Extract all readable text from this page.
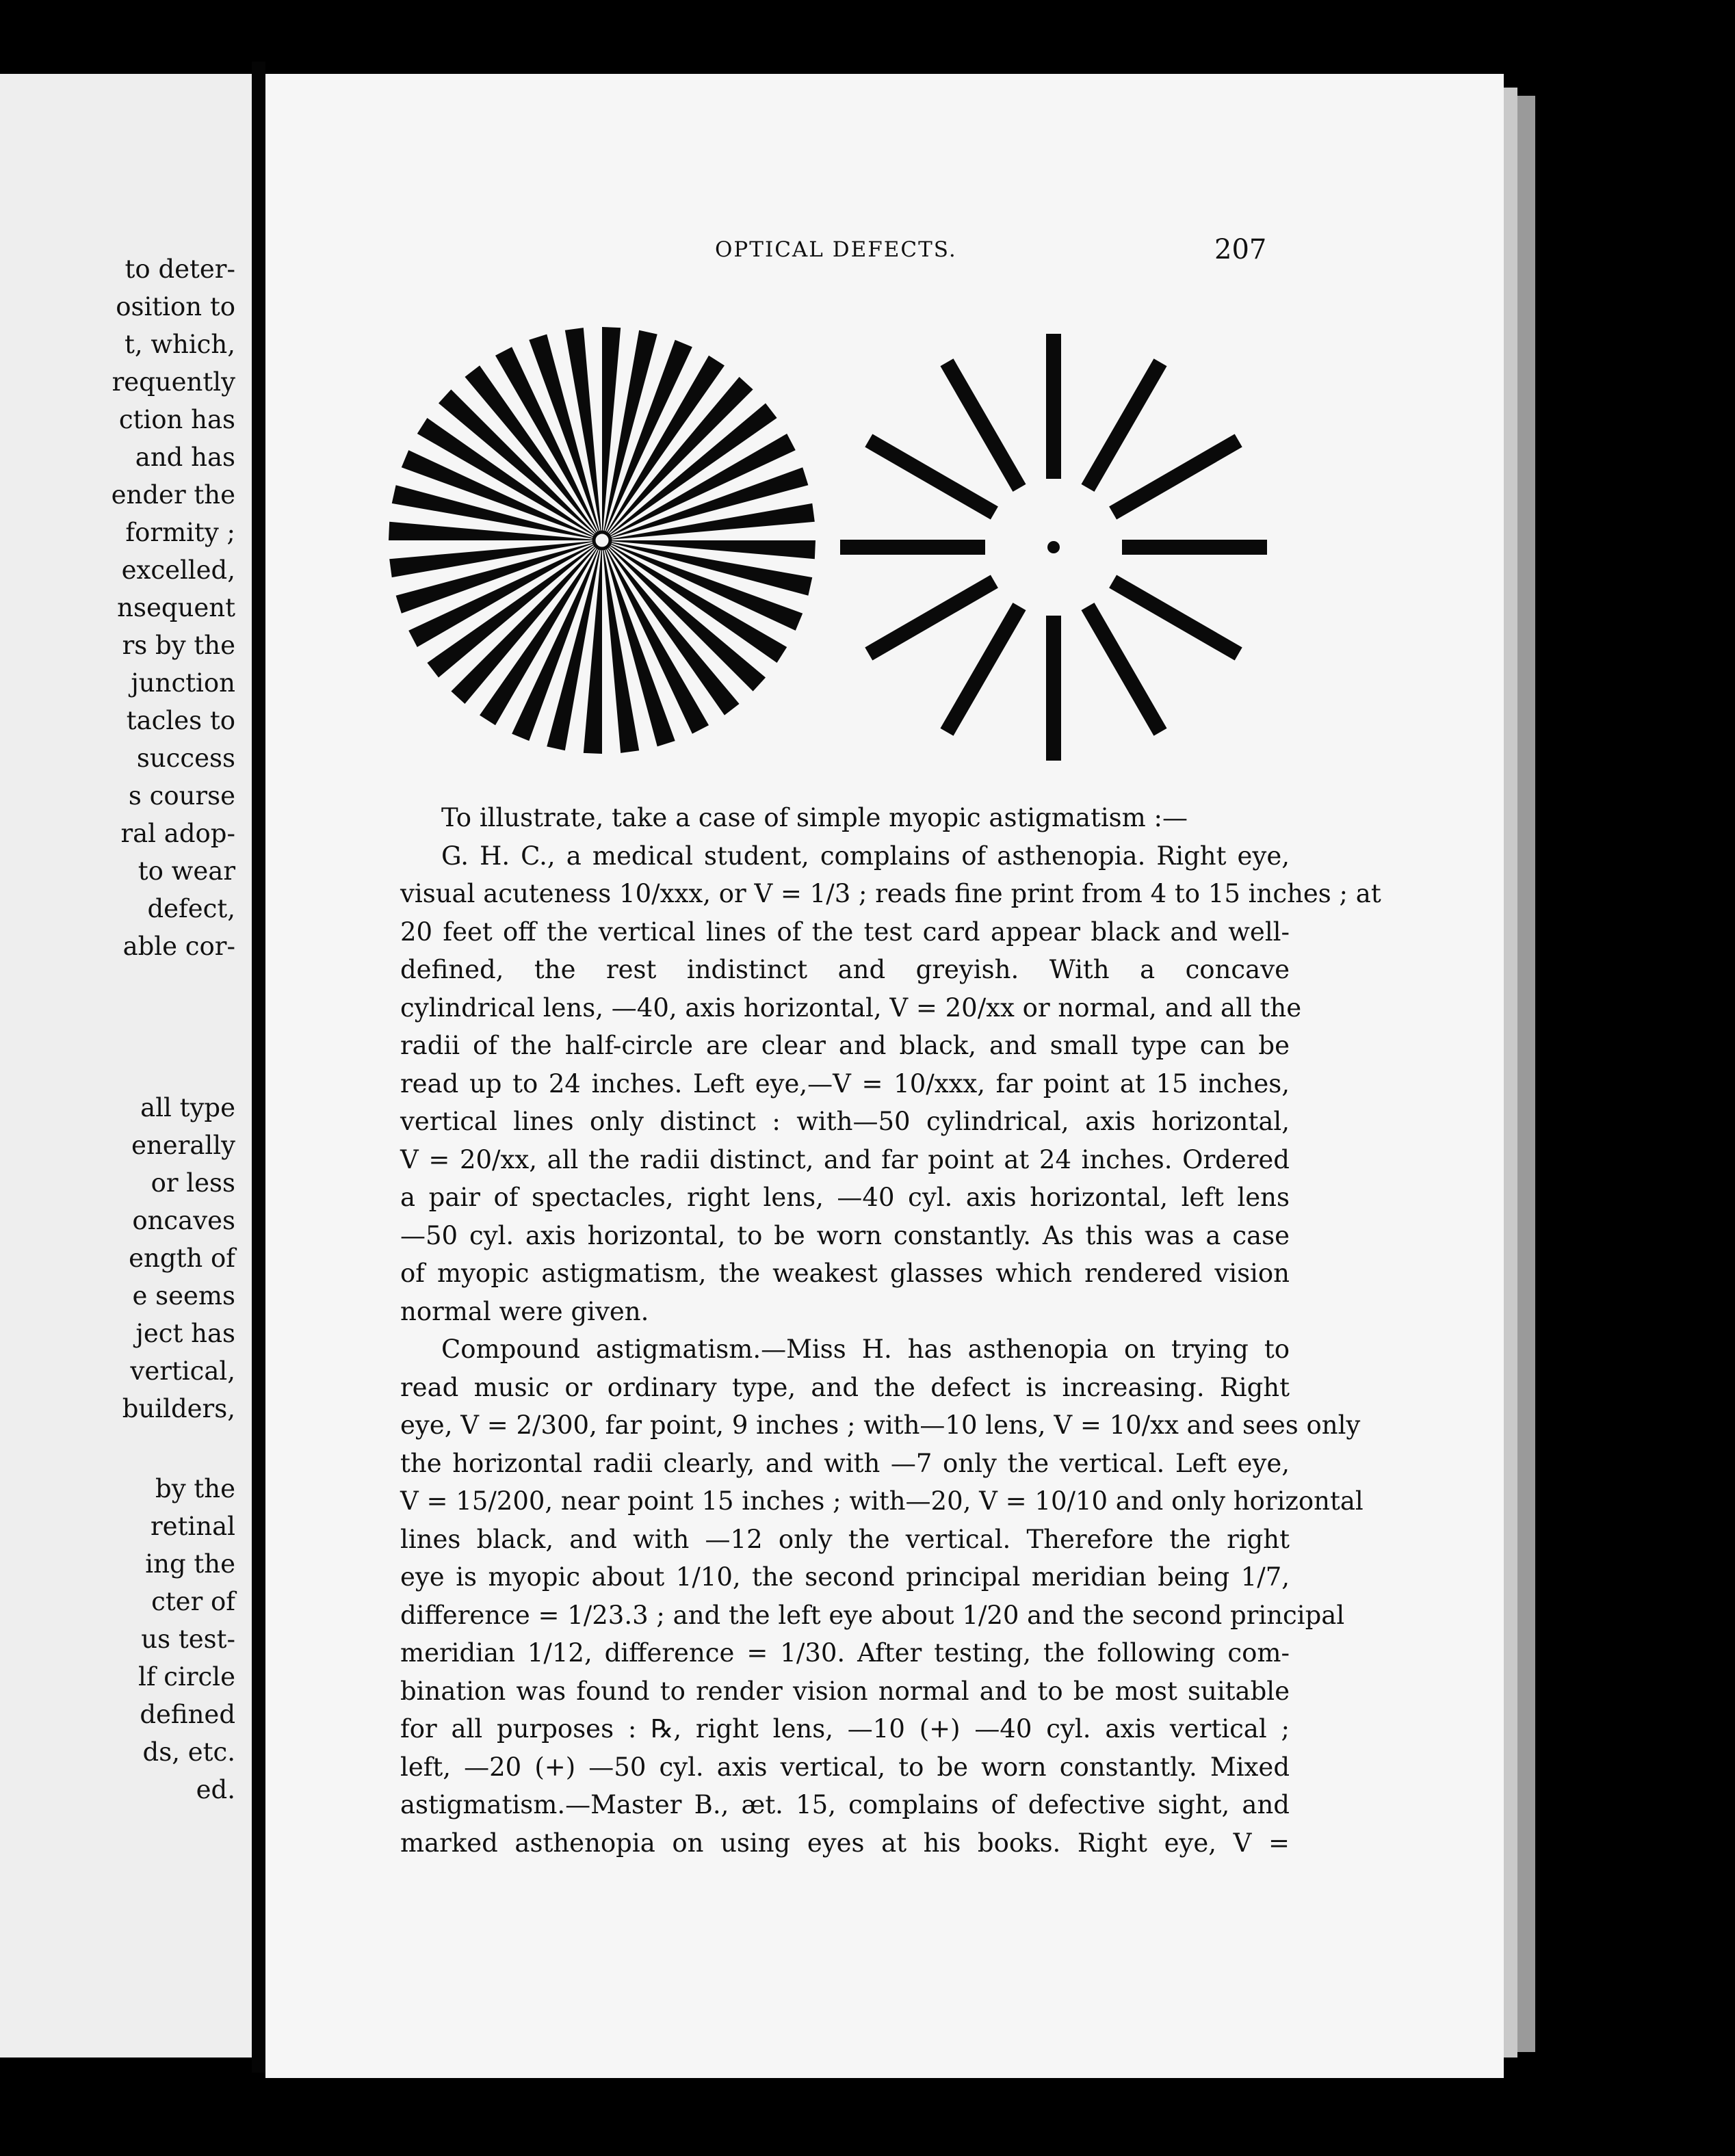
to deter-
osition to
t, which,
requently
ction has
and has
ender the
formity ;
excelled,
nsequent
rs by the
junction
tacles to
success
s course
ral adop-
to wear
defect,
able cor-
all type
enerally
or less
oncaves
ength of
e seems
ject has
vertical,
builders,
by the
retinal
ing the
cter of
us test-
lf circle
defined
ds, etc.
ed.
OPTICAL DEFECTS.	207
To illustrate, take a case of simple myopic astigmatism :—
G. H. C., a medical student, complains of asthenopia. Right eye,
visual acuteness 10/xxx, or V = 1/3 ; reads fine print from 4 to 15 inches ; at
20 feet off the vertical lines of the test card appear black and well-
defined, the rest indistinct and greyish. With a concave
cylindrical lens, —40, axis horizontal, V = 20/xx or normal, and all the
radii of the half-circle are clear and black, and small type can be
read up to 24 inches. Left eye,—V = 10/xxx, far point at 15 inches,
vertical lines only distinct : with—50 cylindrical, axis horizontal,
V = 20/xx, all the radii distinct, and far point at 24 inches. Ordered
a pair of spectacles, right lens, —40 cyl. axis horizontal, left lens
—50 cyl. axis horizontal, to be worn constantly. As this was a case
of myopic astigmatism, the weakest glasses which rendered vision
normal were given.
Compound astigmatism.—Miss H. has asthenopia on trying to
read music or ordinary type, and the defect is increasing. Right
eye, V = 2/300, far point, 9 inches ; with—10 lens, V = 10/xx and sees only
the horizontal radii clearly, and with —7 only the vertical. Left eye,
V = 15/200, near point 15 inches ; with—20, V = 10/10 and only horizontal
lines black, and with —12 only the vertical. Therefore the right
eye is myopic about 1/10, the second principal meridian being 1/7,
difference = 1/23.3 ; and the left eye about 1/20 and the second principal
meridian 1/12, difference = 1/30. After testing, the following com-
bination was found to render vision normal and to be most suitable
for all purposes : ℞, right lens, —10 (+) —40 cyl. axis vertical ;
left, —20 (+) —50 cyl. axis vertical, to be worn constantly. Mixed
astigmatism.—Master B., æt. 15, complains of defective sight, and
marked asthenopia on using eyes at his books. Right eye, V =
